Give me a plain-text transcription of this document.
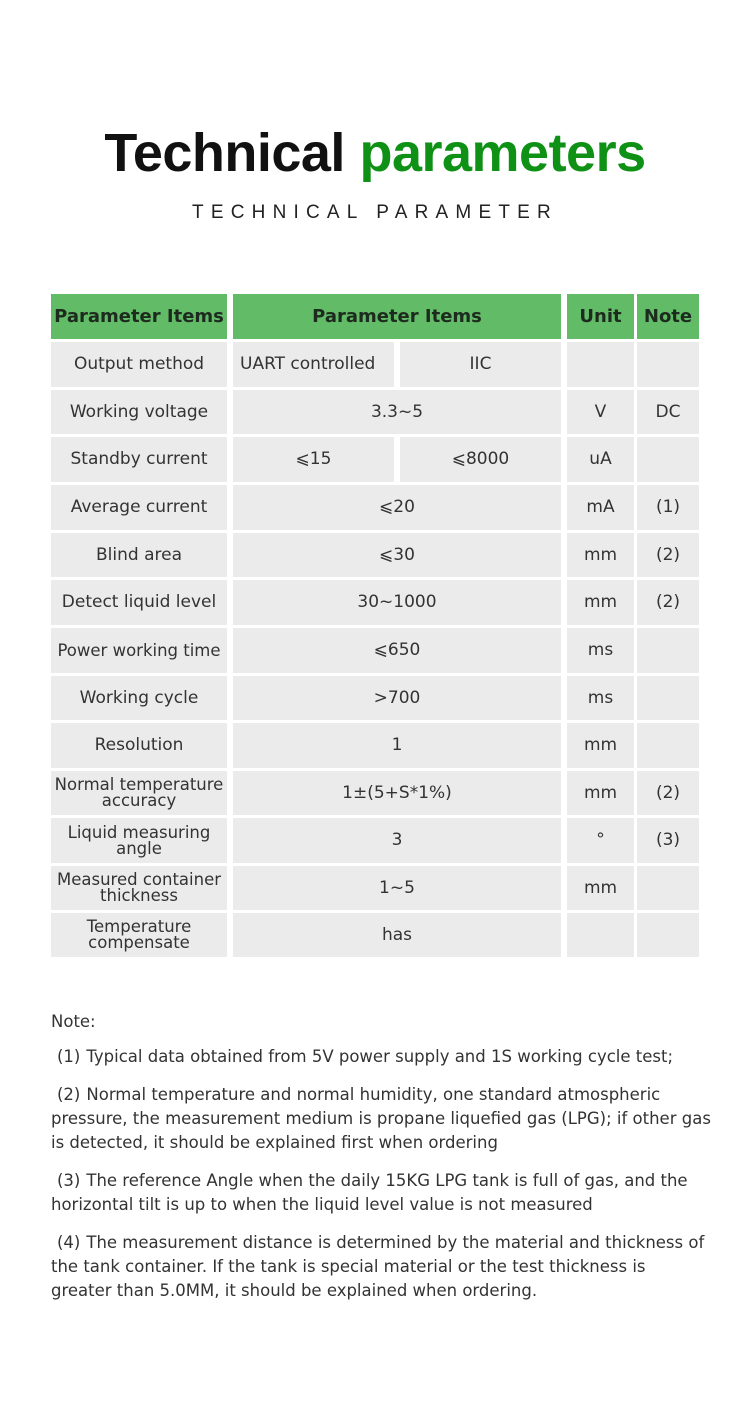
Technical parameters
TECHNICAL PARAMETER
Parameter Items	Parameter Items	Unit	Note
Output method	UART controlled	IIC
Working voltage	3.3~5	V	DC
Standby current	⩽15	⩽8000	uA
Average current	⩽20	mA	(1)
Blind area	⩽30	mm	(2)
Detect liquid level	30~1000	mm	(2)
Power working time	⩽650	ms
Working cycle	>700	ms
Resolution	1	mm
Normal temperature accuracy	1±(5+S*1%)	mm	(2)
Liquid measuring angle	3	°	(3)
Measured container thickness	1~5	mm
Temperature compensate	has

Note:

(1) Typical data obtained from 5V power supply and 1S working cycle test;

(2) Normal temperature and normal humidity, one standard atmospheric pressure, the measurement medium is propane liquefied gas (LPG); if other gas is detected, it should be explained first when ordering

(3) The reference Angle when the daily 15KG LPG tank is full of gas, and the horizontal tilt is up to when the liquid level value is not measured

(4) The measurement distance is determined by the material and thickness of the tank container. If the tank is special material or the test thickness is greater than 5.0MM, it should be explained when ordering.
